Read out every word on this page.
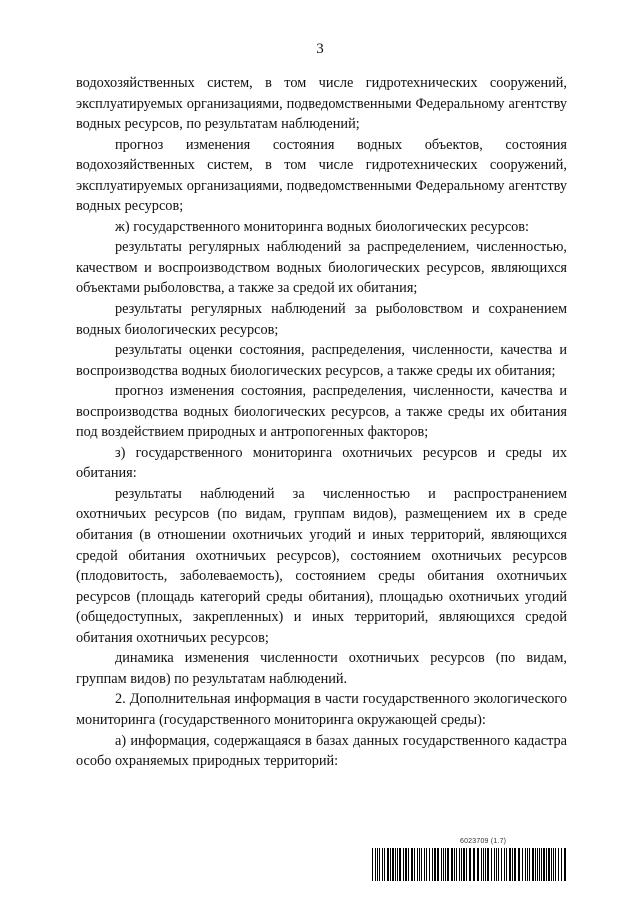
3

водохозяйственных систем, в том числе гидротехнических сооружений, эксплуатируемых организациями, подведомственными Федеральному агентству водных ресурсов, по результатам наблюдений;

прогноз изменения состояния водных объектов, состояния водохозяйственных систем, в том числе гидротехнических сооружений, эксплуатируемых организациями, подведомственными Федеральному агентству водных ресурсов;

ж) государственного мониторинга водных биологических ресурсов:

результаты регулярных наблюдений за распределением, численностью, качеством и воспроизводством водных биологических ресурсов, являющихся объектами рыболовства, а также за средой их обитания;

результаты регулярных наблюдений за рыболовством и сохранением водных биологических ресурсов;

результаты оценки состояния, распределения, численности, качества и воспроизводства водных биологических ресурсов, а также среды их обитания;

прогноз изменения состояния, распределения, численности, качества и воспроизводства водных биологических ресурсов, а также среды их обитания под воздействием природных и антропогенных факторов;

з) государственного мониторинга охотничьих ресурсов и среды их обитания:

результаты наблюдений за численностью и распространением охотничьих ресурсов (по видам, группам видов), размещением их в среде обитания (в отношении охотничьих угодий и иных территорий, являющихся средой обитания охотничьих ресурсов), состоянием охотничьих ресурсов (плодовитость, заболеваемость), состоянием среды обитания охотничьих ресурсов (площадь категорий среды обитания), площадью охотничьих угодий (общедоступных, закрепленных) и иных территорий, являющихся средой обитания охотничьих ресурсов;

динамика изменения численности охотничьих ресурсов (по видам, группам видов) по результатам наблюдений.

2. Дополнительная информация в части государственного экологического мониторинга (государственного мониторинга окружающей среды):

а) информация, содержащаяся в базах данных государственного кадастра особо охраняемых природных территорий:

6023709 (1.7)
